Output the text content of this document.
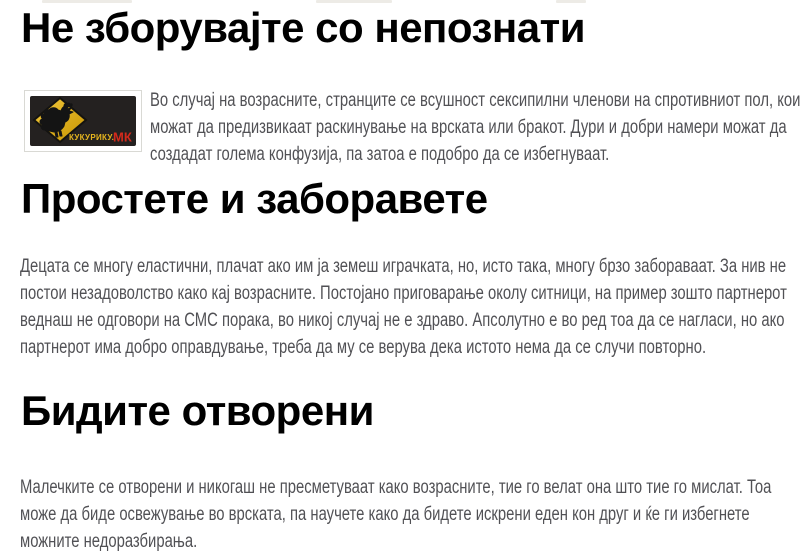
Не зборувајте со непознати
КУКУРИКУ.
МК

Во случај на возрасните, странците се всушност сексипилни членови на спротивниот пол, кои можат да предизвикаат раскинување на врската или бракот. Дури и добри намери можат да создадат голема конфузија, па затоа е подобро да се избегнуваат.

Простете и заборавете

Децата се многу еластични, плачат ако им ја земеш играчката, но, исто така, многу брзо забораваат. За нив не постои незадоволство како кај возрасните. Постојано приговарање околу ситници, на пример зошто партнерот веднаш не одговори на СМС порака, во никој случај не е здраво. Апсолутно е во ред тоа да се нагласи, но ако партнерот има добро оправдување, треба да му се верува дека истото нема да се случи повторно.

Бидите отворени

Малечките се отворени и никогаш не пресметуваат како возрасните, тие го велат она што тие го мислат. Тоа може да биде освежување во врската, па научете како да бидете искрени еден кон друг и ќе ги избегнете можните недоразбирања.
